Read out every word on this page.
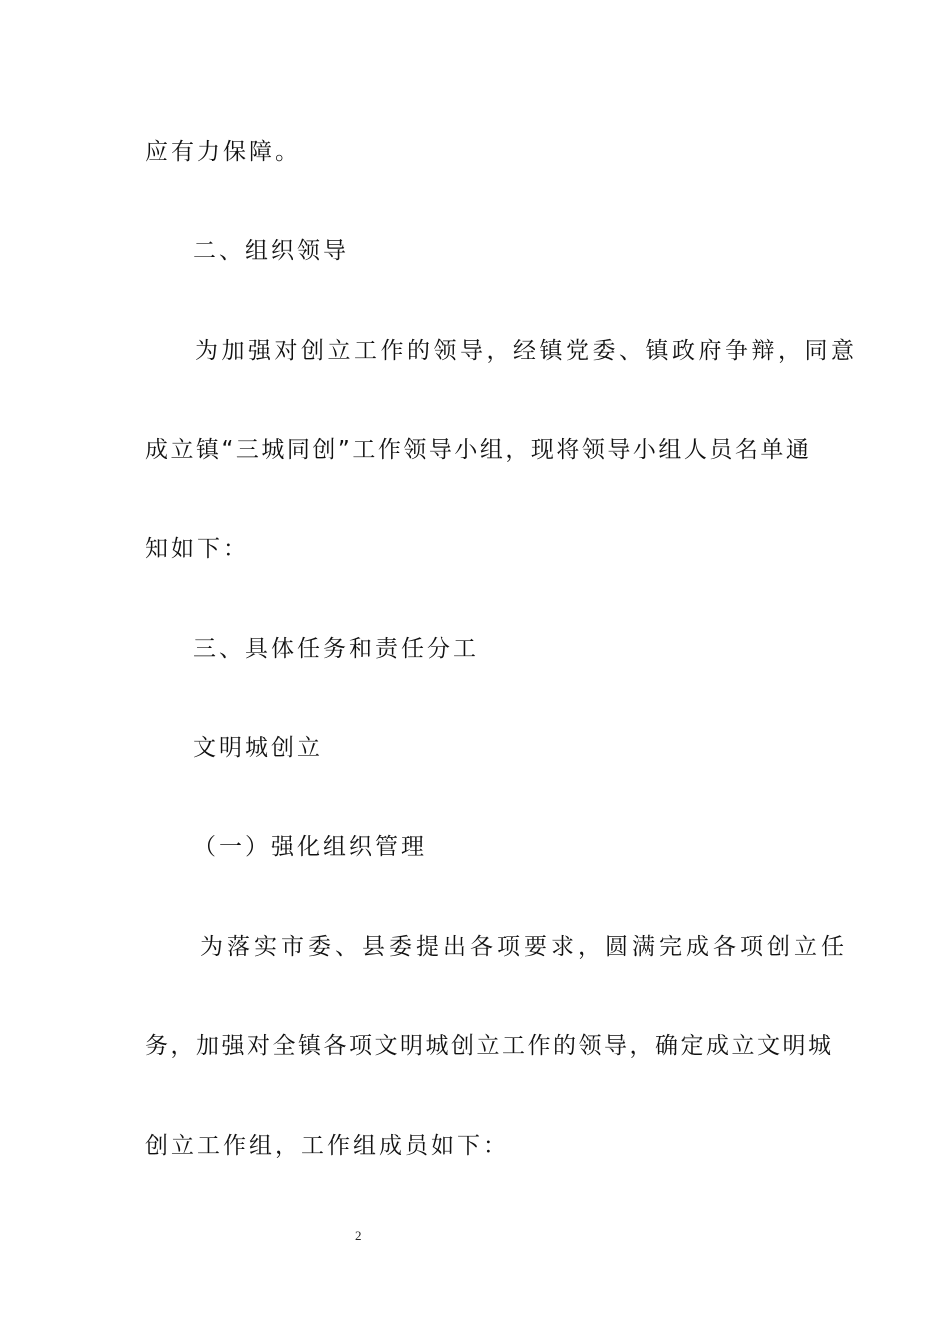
应有力保障。

二、组织领导

为加强对创立工作的领导，经镇党委、镇政府争辩，同意

成立镇“三城同创”工作领导小组，现将领导小组人员名单通

知如下：

三、具体任务和责任分工

文明城创立

（一）强化组织管理

为落实市委、县委提出各项要求，圆满完成各项创立任

务，加强对全镇各项文明城创立工作的领导，确定成立文明城

创立工作组，工作组成员如下：

2
